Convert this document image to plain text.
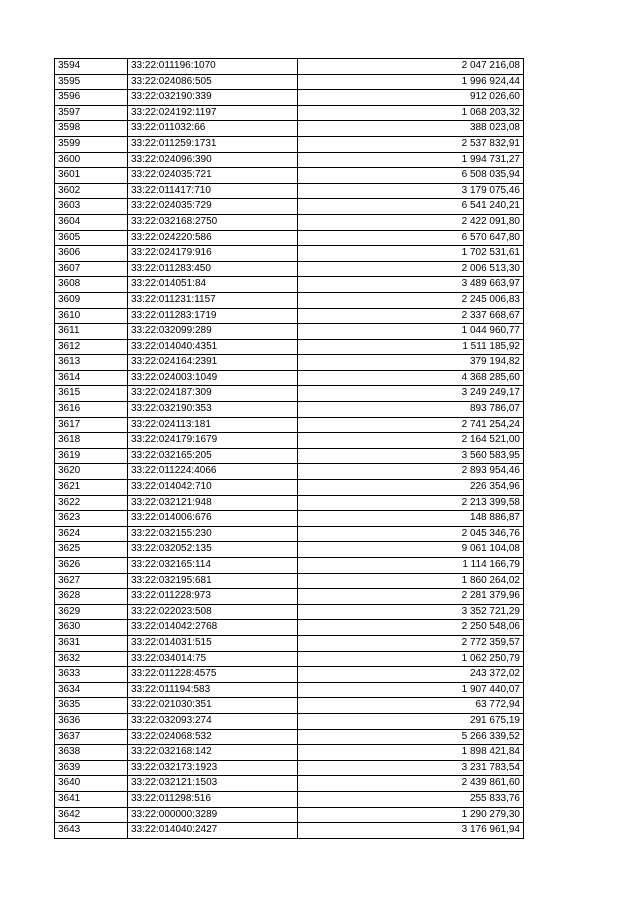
3594	33:22:011196:1070	2 047 216,08
3595	33:22:024086:505	1 996 924,44
3596	33:22:032190:339	912 026,60
3597	33:22:024192:1197	1 068 203,32
3598	33:22:011032:66	388 023,08
3599	33:22:011259:1731	2 537 832,91
3600	33:22:024096:390	1 994 731,27
3601	33:22:024035:721	6 508 035,94
3602	33:22:011417:710	3 179 075,46
3603	33:22:024035:729	6 541 240,21
3604	33:22:032168:2750	2 422 091,80
3605	33:22:024220:586	6 570 647,80
3606	33:22:024179:916	1 702 531,61
3607	33:22:011283:450	2 006 513,30
3608	33:22:014051:84	3 489 663,97
3609	33:22:011231:1157	2 245 006,83
3610	33:22:011283:1719	2 337 668,67
3611	33:22:032099:289	1 044 960,77
3612	33:22:014040:4351	1 511 185,92
3613	33:22:024164:2391	379 194,82
3614	33:22:024003:1049	4 368 285,60
3615	33:22:024187:309	3 249 249,17
3616	33:22:032190:353	893 786,07
3617	33:22:024113:181	2 741 254,24
3618	33:22:024179:1679	2 164 521,00
3619	33:22:032165:205	3 560 583,95
3620	33:22:011224:4066	2 893 954,46
3621	33:22:014042:710	226 354,96
3622	33:22:032121:948	2 213 399,58
3623	33:22:014006:676	148 886,87
3624	33:22:032155:230	2 045 346,76
3625	33:22:032052:135	9 061 104,08
3626	33:22:032165:114	1 114 166,79
3627	33:22:032195:681	1 860 264,02
3628	33:22:011228:973	2 281 379,96
3629	33:22:022023:508	3 352 721,29
3630	33:22:014042:2768	2 250 548,06
3631	33:22:014031:515	2 772 359,57
3632	33:22:034014:75	1 062 250,79
3633	33:22:011228:4575	243 372,02
3634	33:22:011194:583	1 907 440,07
3635	33:22:021030:351	63 772,94
3636	33:22:032093:274	291 675,19
3637	33:22:024068:532	5 266 339,52
3638	33:22:032168:142	1 898 421,84
3639	33:22:032173:1923	3 231 783,54
3640	33:22:032121:1503	2 439 861,60
3641	33:22:011298:516	255 833,76
3642	33:22:000000:3289	1 290 279,30
3643	33:22:014040:2427	3 176 961,94
